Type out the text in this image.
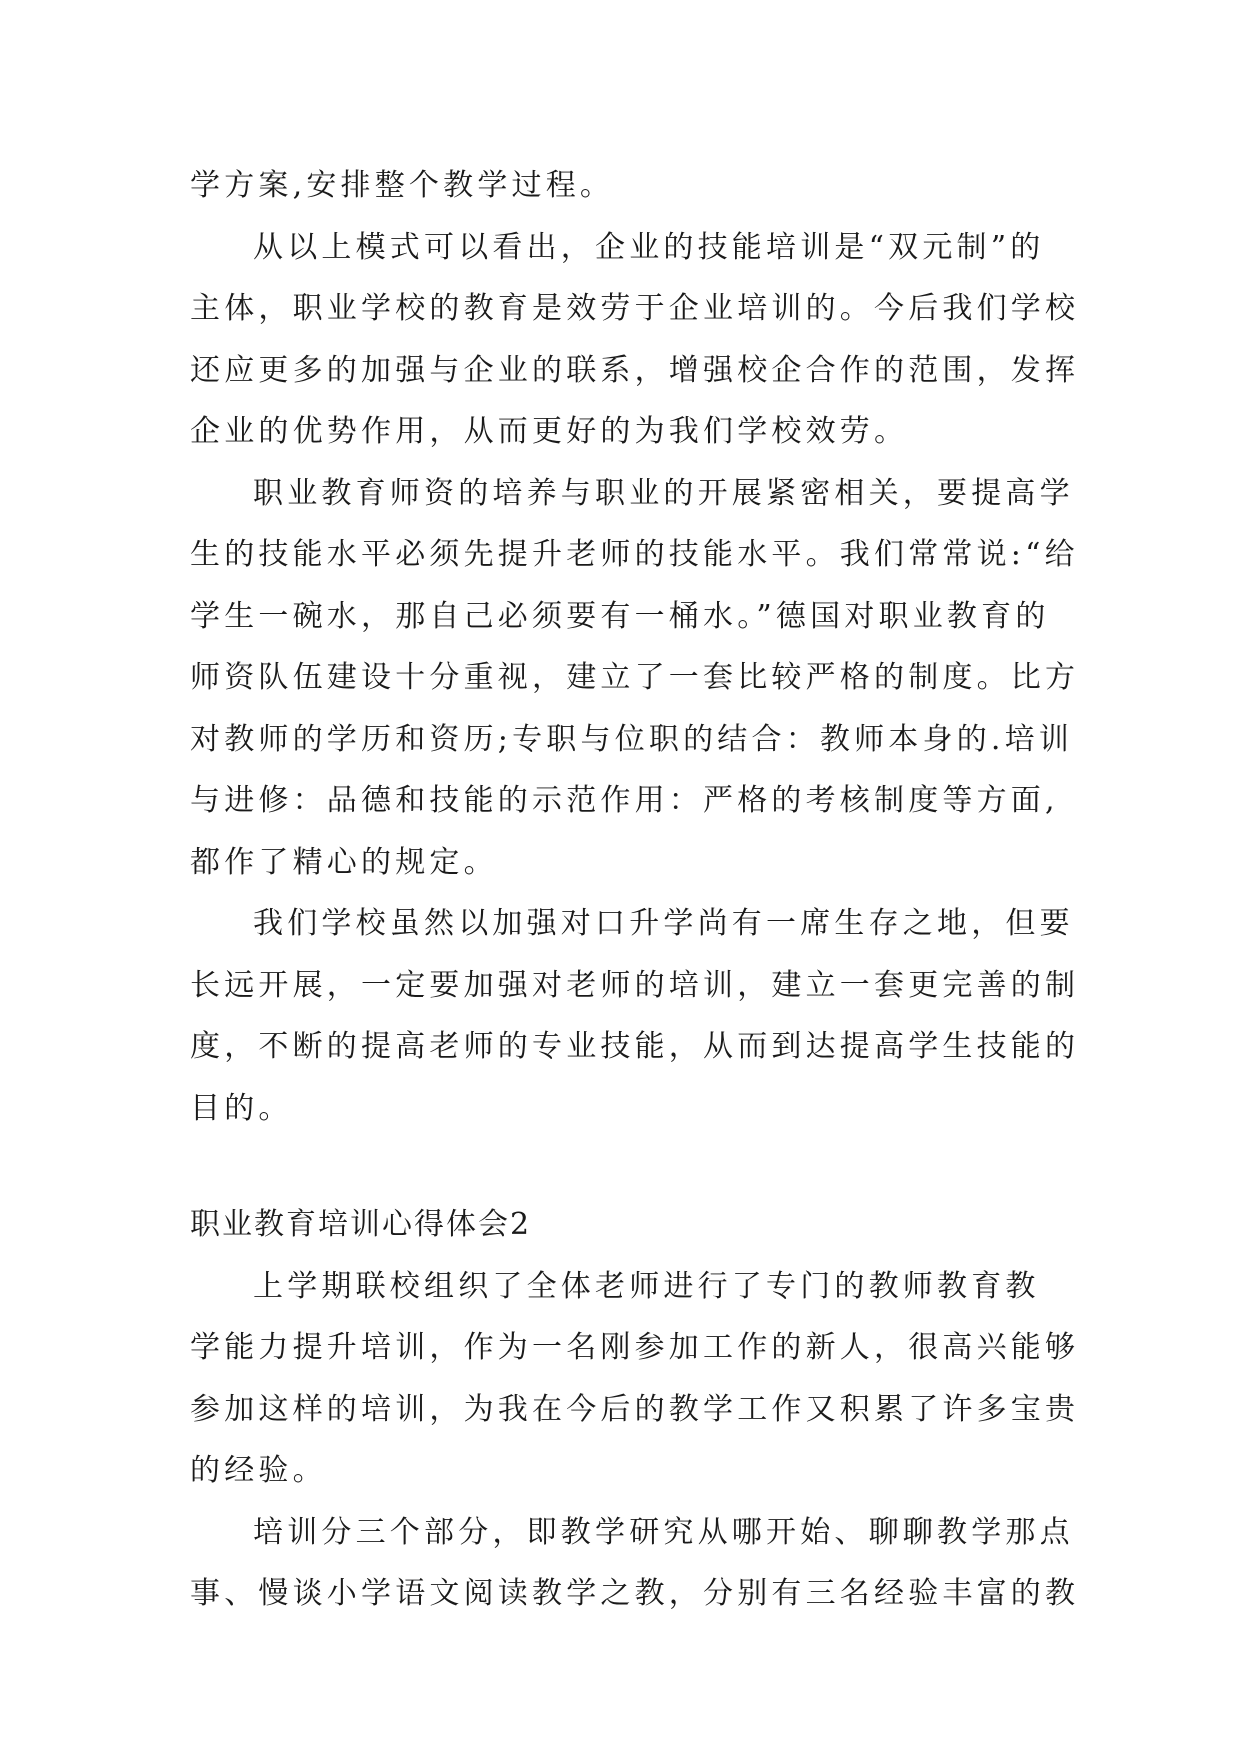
学方案,安排整个教学过程。
从以上模式可以看出，企业的技能培训是“双元制”的
主体，职业学校的教育是效劳于企业培训的。今后我们学校
还应更多的加强与企业的联系，增强校企合作的范围，发挥
企业的优势作用，从而更好的为我们学校效劳。
职业教育师资的培养与职业的开展紧密相关，要提高学
生的技能水平必须先提升老师的技能水平。我们常常说:“给
学生一碗水，那自己必须要有一桶水。”德国对职业教育的
师资队伍建设十分重视，建立了一套比较严格的制度。比方
对教师的学历和资历;专职与位职的结合：教师本身的.培训
与进修：品德和技能的示范作用：严格的考核制度等方面,
都作了精心的规定。
我们学校虽然以加强对口升学尚有一席生存之地，但要
长远开展，一定要加强对老师的培训，建立一套更完善的制
度，不断的提高老师的专业技能，从而到达提高学生技能的
目的。
职业教育培训心得体会2
上学期联校组织了全体老师进行了专门的教师教育教
学能力提升培训，作为一名刚参加工作的新人，很高兴能够
参加这样的培训，为我在今后的教学工作又积累了许多宝贵
的经验。
培训分三个部分，即教学研究从哪开始、聊聊教学那点
事、慢谈小学语文阅读教学之教，分别有三名经验丰富的教
